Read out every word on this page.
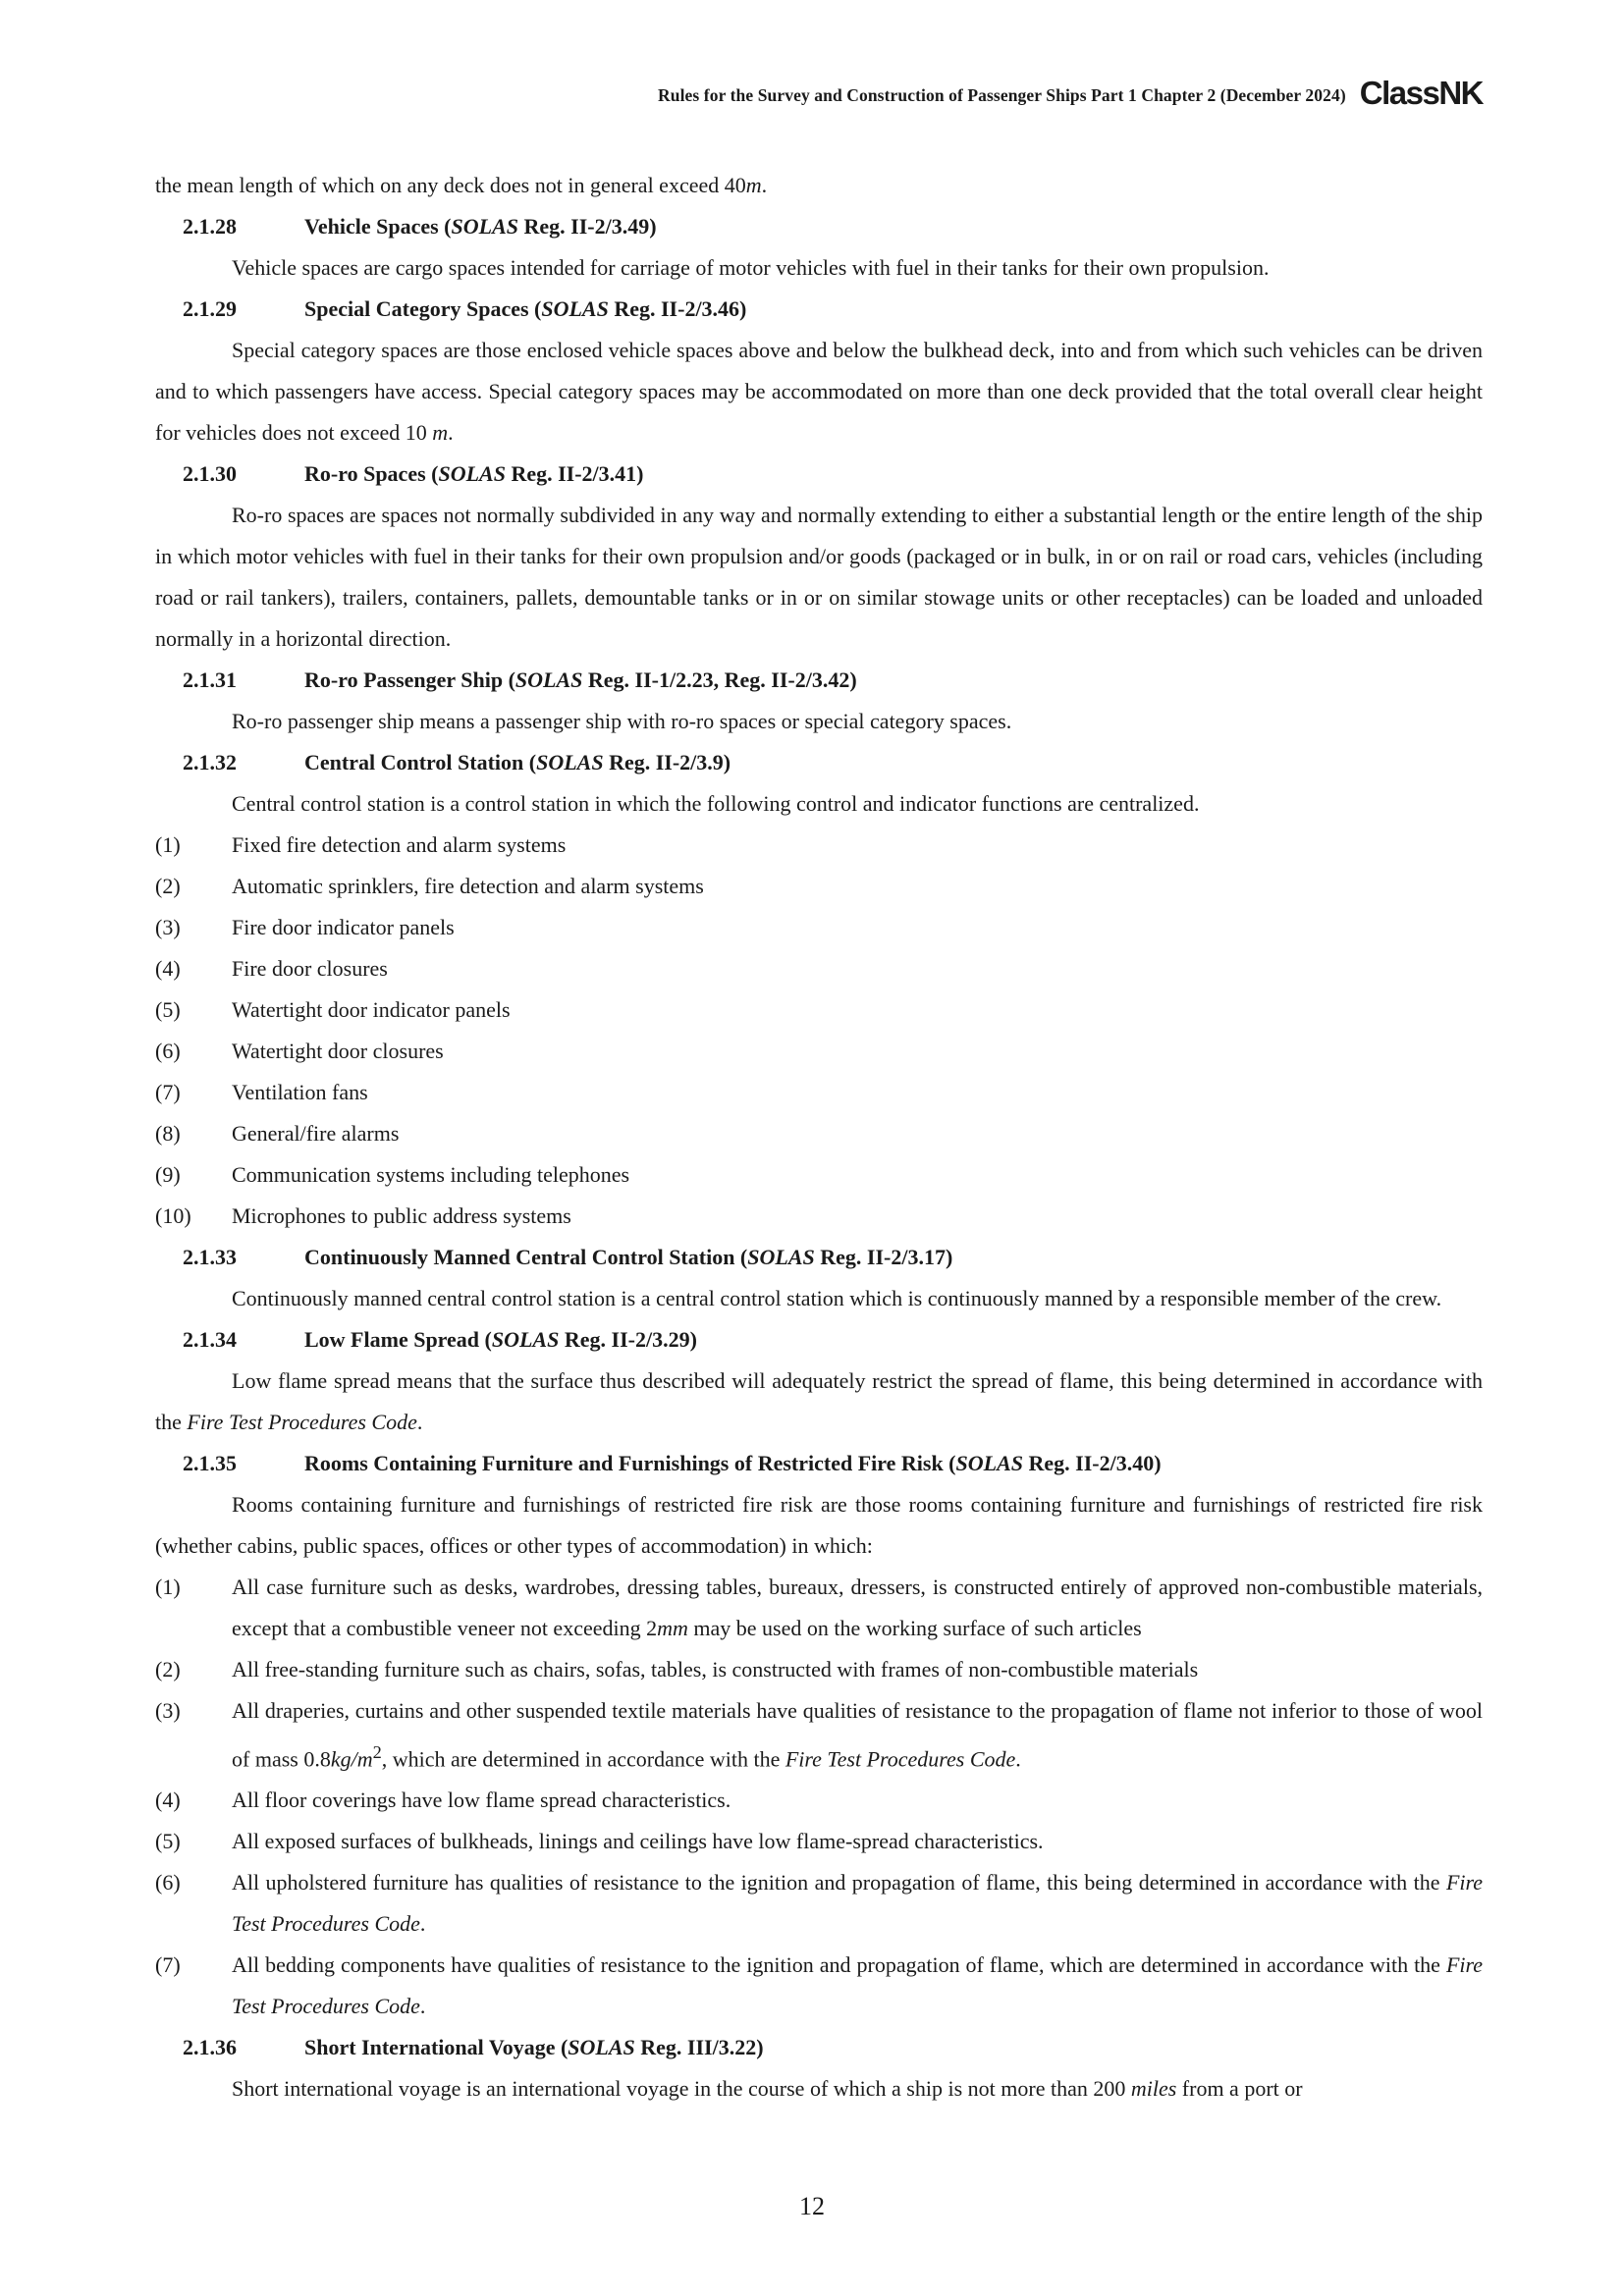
Rules for the Survey and Construction of Passenger Ships Part 1 Chapter 2 (December 2024) ClassNK

the mean length of which on any deck does not in general exceed 40m.

2.1.28	Vehicle Spaces (SOLAS Reg. II-2/3.49)

Vehicle spaces are cargo spaces intended for carriage of motor vehicles with fuel in their tanks for their own propulsion.

2.1.29	Special Category Spaces (SOLAS Reg. II-2/3.46)

Special category spaces are those enclosed vehicle spaces above and below the bulkhead deck, into and from which such vehicles can be driven and to which passengers have access. Special category spaces may be accommodated on more than one deck provided that the total overall clear height for vehicles does not exceed 10 m.

2.1.30	Ro-ro Spaces (SOLAS Reg. II-2/3.41)

Ro-ro spaces are spaces not normally subdivided in any way and normally extending to either a substantial length or the entire length of the ship in which motor vehicles with fuel in their tanks for their own propulsion and/or goods (packaged or in bulk, in or on rail or road cars, vehicles (including road or rail tankers), trailers, containers, pallets, demountable tanks or in or on similar stowage units or other receptacles) can be loaded and unloaded normally in a horizontal direction.

2.1.31	Ro-ro Passenger Ship (SOLAS Reg. II-1/2.23, Reg. II-2/3.42)

Ro-ro passenger ship means a passenger ship with ro-ro spaces or special category spaces.

2.1.32	Central Control Station (SOLAS Reg. II-2/3.9)

Central control station is a control station in which the following control and indicator functions are centralized.

(1)	Fixed fire detection and alarm systems
(2)	Automatic sprinklers, fire detection and alarm systems
(3)	Fire door indicator panels
(4)	Fire door closures
(5)	Watertight door indicator panels
(6)	Watertight door closures
(7)	Ventilation fans
(8)	General/fire alarms
(9)	Communication systems including telephones
(10)	Microphones to public address systems

2.1.33	Continuously Manned Central Control Station (SOLAS Reg. II-2/3.17)

Continuously manned central control station is a central control station which is continuously manned by a responsible member of the crew.

2.1.34	Low Flame Spread (SOLAS Reg. II-2/3.29)

Low flame spread means that the surface thus described will adequately restrict the spread of flame, this being determined in accordance with the Fire Test Procedures Code.

2.1.35	Rooms Containing Furniture and Furnishings of Restricted Fire Risk (SOLAS Reg. II-2/3.40)

Rooms containing furniture and furnishings of restricted fire risk are those rooms containing furniture and furnishings of restricted fire risk (whether cabins, public spaces, offices or other types of accommodation) in which:

(1)	All case furniture such as desks, wardrobes, dressing tables, bureaux, dressers, is constructed entirely of approved non-combustible materials, except that a combustible veneer not exceeding 2mm may be used on the working surface of such articles
(2)	All free-standing furniture such as chairs, sofas, tables, is constructed with frames of non-combustible materials
(3)	All draperies, curtains and other suspended textile materials have qualities of resistance to the propagation of flame not inferior to those of wool of mass $0.8kg/m^2$, which are determined in accordance with the Fire Test Procedures Code.
(4)	All floor coverings have low flame spread characteristics.
(5)	All exposed surfaces of bulkheads, linings and ceilings have low flame-spread characteristics.
(6)	All upholstered furniture has qualities of resistance to the ignition and propagation of flame, this being determined in accordance with the Fire Test Procedures Code.
(7)	All bedding components have qualities of resistance to the ignition and propagation of flame, which are determined in accordance with the Fire Test Procedures Code.

2.1.36	Short International Voyage (SOLAS Reg. III/3.22)

Short international voyage is an international voyage in the course of which a ship is not more than 200 miles from a port or

12
